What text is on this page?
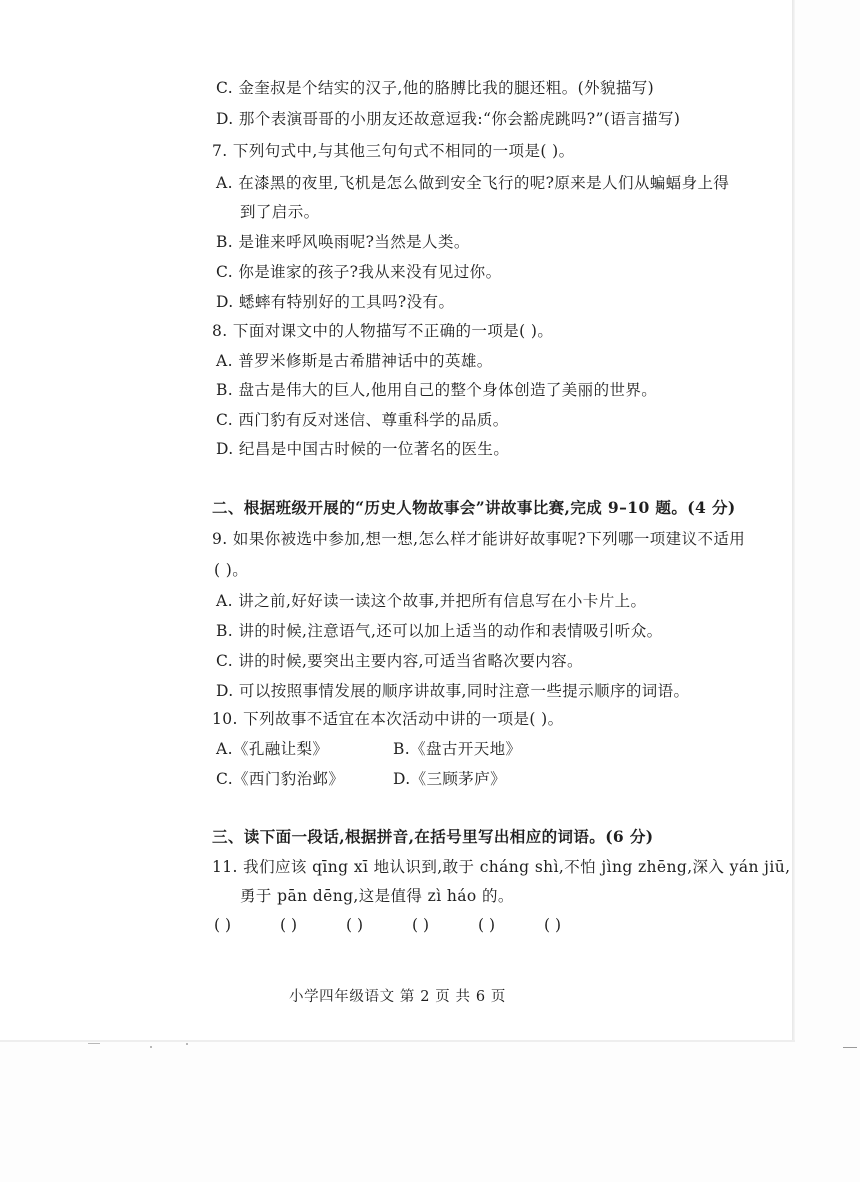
C. 金奎叔是个结实的汉子,他的胳膊比我的腿还粗。(外貌描写)
D. 那个表演哥哥的小朋友还故意逗我:“你会豁虎跳吗?”(语言描写)
7. 下列句式中,与其他三句句式不相同的一项是( )。
A. 在漆黑的夜里,飞机是怎么做到安全飞行的呢?原来是人们从蝙蝠身上得
到了启示。
B. 是谁来呼风唤雨呢?当然是人类。
C. 你是谁家的孩子?我从来没有见过你。
D. 蟋蟀有特别好的工具吗?没有。
8. 下面对课文中的人物描写不正确的一项是( )。
A. 普罗米修斯是古希腊神话中的英雄。
B. 盘古是伟大的巨人,他用自己的整个身体创造了美丽的世界。
C. 西门豹有反对迷信、尊重科学的品质。
D. 纪昌是中国古时候的一位著名的医生。
二、根据班级开展的“历史人物故事会”讲故事比赛,完成 9–10 题。(4 分)
9. 如果你被选中参加,想一想,怎么样才能讲好故事呢?下列哪一项建议不适用
( )。
A. 讲之前,好好读一读这个故事,并把所有信息写在小卡片上。
B. 讲的时候,注意语气,还可以加上适当的动作和表情吸引听众。
C. 讲的时候,要突出主要内容,可适当省略次要内容。
D. 可以按照事情发展的顺序讲故事,同时注意一些提示顺序的词语。
10. 下列故事不适宜在本次活动中讲的一项是( )。
A.《孔融让梨》	B.《盘古开天地》
C.《西门豹治邺》	D.《三顾茅庐》
三、读下面一段话,根据拼音,在括号里写出相应的词语。(6 分)
11. 我们应该 qīng xī 地认识到,敢于 cháng shì,不怕 jìng zhēng,深入 yán jiū,
勇于 pān dēng,这是值得 zì háo 的。
( )	( )	( )	( )	( )	( )
小学四年级语文 第 2 页 共 6 页
